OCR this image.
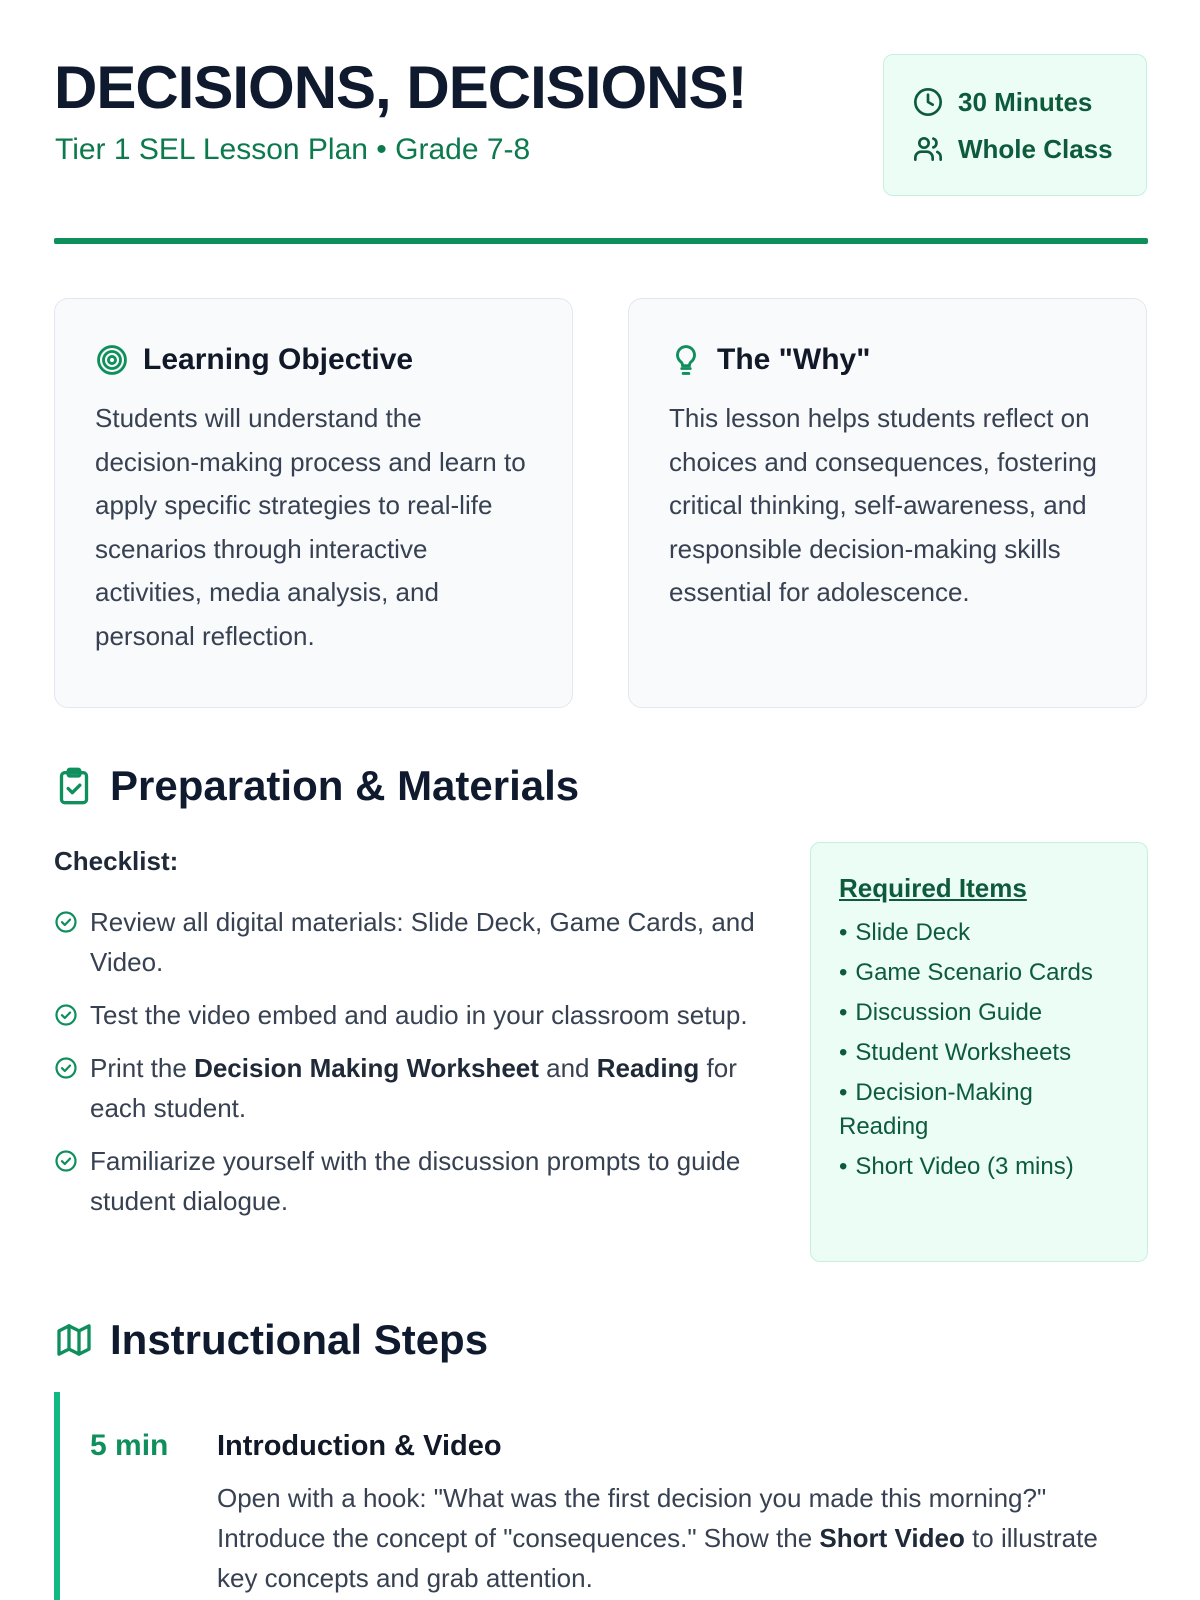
DECISIONS, DECISIONS!
Tier 1 SEL Lesson Plan • Grade 7-8
30 Minutes
Whole Class
Learning Objective

Students will understand the decision-making process and learn to apply specific strategies to real-life scenarios through interactive activities, media analysis, and personal reflection.

The "Why"

This lesson helps students reflect on choices and consequences, fostering critical thinking, self-awareness, and responsible decision-making skills essential for adolescence.

Preparation & Materials
Checklist:
Review all digital materials: Slide Deck, Game Cards, and Video.
Test the video embed and audio in your classroom setup.
Print the Decision Making Worksheet and Reading for each student.
Familiarize yourself with the discussion prompts to guide student dialogue.
Required Items
• Slide Deck
• Game Scenario Cards
• Discussion Guide
• Student Worksheets
• Decision-Making Reading
• Short Video (3 mins)
Instructional Steps
5 min	Introduction & Video

Open with a hook: "What was the first decision you made this morning?" Introduce the concept of "consequences." Show the Short Video to illustrate key concepts and grab attention.
